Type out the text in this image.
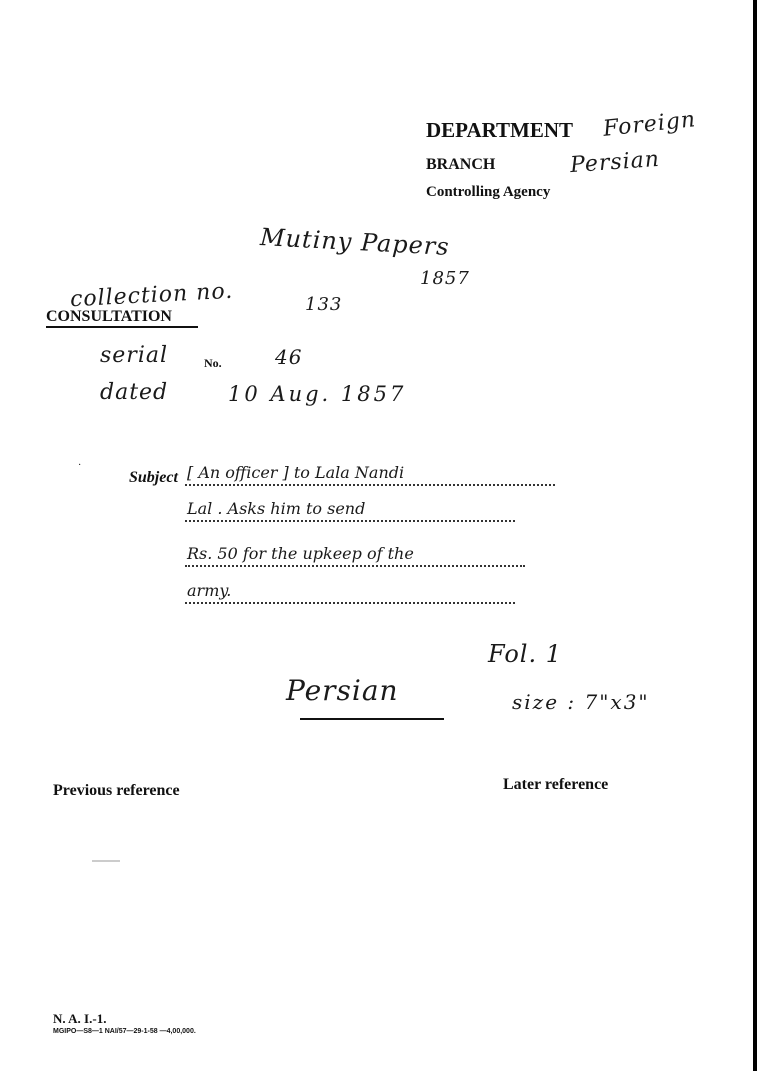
DEPARTMENT Foreign
BRANCH	Persian
Controlling Agency
Mutiny Papers
1857
collection no.	133
CONSULTATION
serial	No.	46
dated	10 Aug. 1857
·
Subject [ An officer ] to Lala Nandi
Lal . Asks him to send
Rs. 50 for the upkeep of the
army.
Fol. 1
Persian	size : 7"x3"
Previous reference	Later reference
N. A. I.-1.
MGIPO—S8—1 NAI/57—29-1-58 —4,00,000.
